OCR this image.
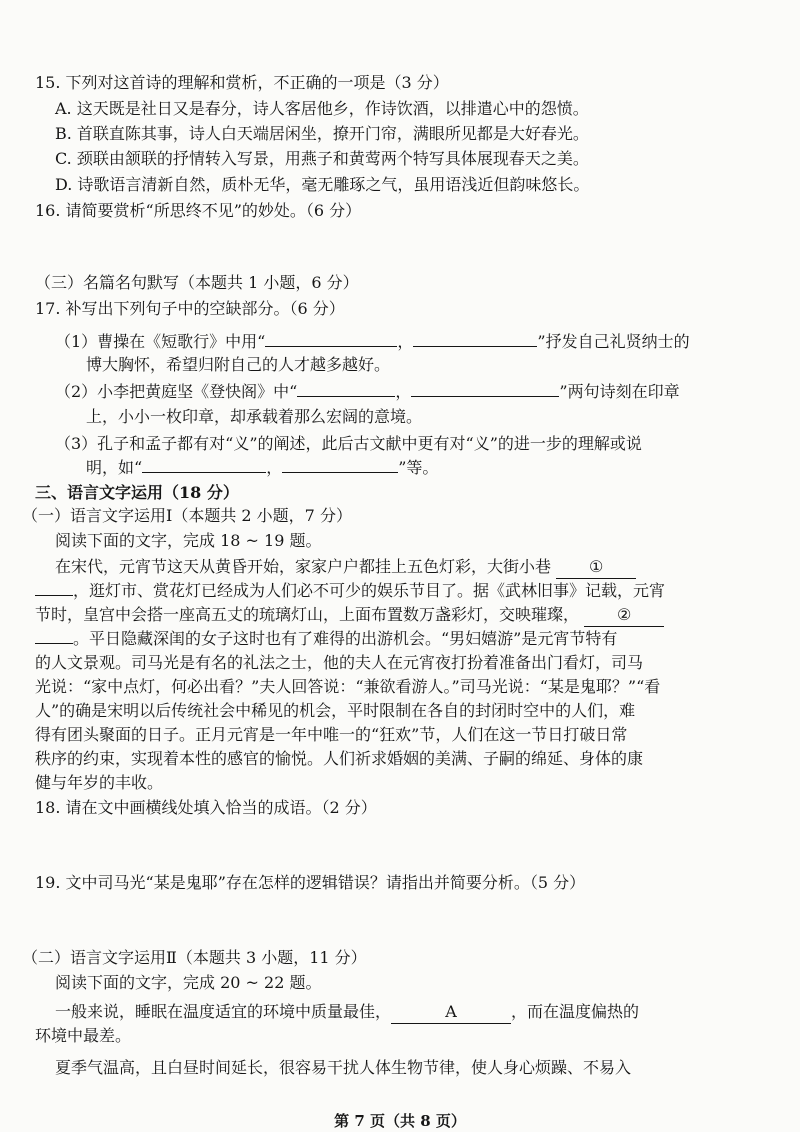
15. 下列对这首诗的理解和赏析，不正确的一项是（3 分）
A. 这天既是社日又是春分，诗人客居他乡，作诗饮酒，以排遣心中的怨愤。
B. 首联直陈其事，诗人白天端居闲坐，撩开门帘，满眼所见都是大好春光。
C. 颈联由颔联的抒情转入写景，用燕子和黄莺两个特写具体展现春天之美。
D. 诗歌语言清新自然，质朴无华，毫无雕琢之气，虽用语浅近但韵味悠长。
16. 请简要赏析“所思终不见”的妙处。（6 分）
（三）名篇名句默写（本题共 1 小题，6 分）
17. 补写出下列句子中的空缺部分。（6 分）
（1）曹操在《短歌行》中用“	，	”抒发自己礼贤纳士的
博大胸怀，希望归附自己的人才越多越好。
（2）小李把黄庭坚《登快阁》中“	，	”两句诗刻在印章
上，小小一枚印章，却承载着那么宏阔的意境。
（3）孔子和孟子都有对“义”的阐述，此后古文献中更有对“义”的进一步的理解或说
明，如“	，	”等。
三、语言文字运用（18 分）
（一）语言文字运用Ⅰ（本题共 2 小题，7 分）
阅读下面的文字，完成 18 ~ 19 题。
在宋代，元宵节这天从黄昏开始，家家户户都挂上五色灯彩，大街小巷 ①
，逛灯市、赏花灯已经成为人们必不可少的娱乐节目了。据《武林旧事》记载，元宵
节时，皇宫中会搭一座高五丈的琉璃灯山，上面布置数万盏彩灯，交映璀璨， ②
。平日隐藏深闺的女子这时也有了难得的出游机会。“男妇嬉游”是元宵节特有
的人文景观。司马光是有名的礼法之士，他的夫人在元宵夜打扮着准备出门看灯，司马
光说：“家中点灯，何必出看？”夫人回答说：“兼欲看游人。”司马光说：“某是鬼耶？”“看
人”的确是宋明以后传统社会中稀见的机会，平时限制在各自的封闭时空中的人们，难
得有团头聚面的日子。正月元宵是一年中唯一的“狂欢”节，人们在这一节日打破日常
秩序的约束，实现着本性的感官的愉悦。人们祈求婚姻的美满、子嗣的绵延、身体的康
健与年岁的丰收。
18. 请在文中画横线处填入恰当的成语。（2 分）
19. 文中司马光“某是鬼耶”存在怎样的逻辑错误？请指出并简要分析。（5 分）
（二）语言文字运用Ⅱ（本题共 3 小题，11 分）
阅读下面的文字，完成 20 ~ 22 题。
一般来说，睡眠在温度适宜的环境中质量最佳，	A	，而在温度偏热的
环境中最差。
夏季气温高，且白昼时间延长，很容易干扰人体生物节律，使人身心烦躁、不易入
第 7 页（共 8 页）
